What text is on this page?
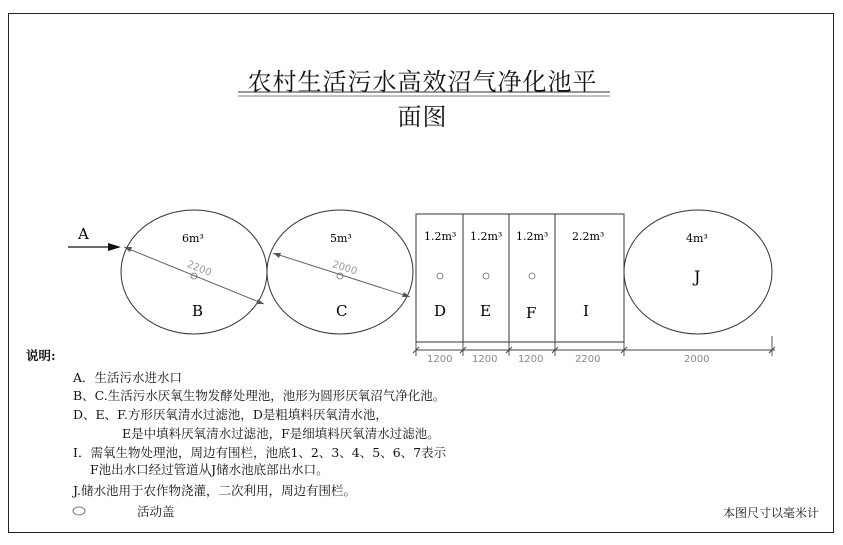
农村生活污水高效沼气净化池平面图
A
2200
6m³
B
2000
5m³
C
1.2m³ 1.2m³ 1.2m³ 2.2m³
D E F	I
4m³
J
1200 1200 1200	2200	2000
说明:
A．生活污水进水口
B、C.生活污水厌氧生物发酵处理池，池形为圆形厌氧沼气净化池。
D、E、F.方形厌氧清水过滤池，D是粗填料厌氧清水池，
E是中填料厌氧清水过滤池，F是细填料厌氧清水过滤池。
I．需氧生物处理池，周边有围栏，池底1、2、3、4、5、6、7表示
F池出水口经过管道从J储水池底部出水口。
J.储水池用于农作物浇灌，二次利用，周边有围栏。
活动盖	本图尺寸以毫米计
